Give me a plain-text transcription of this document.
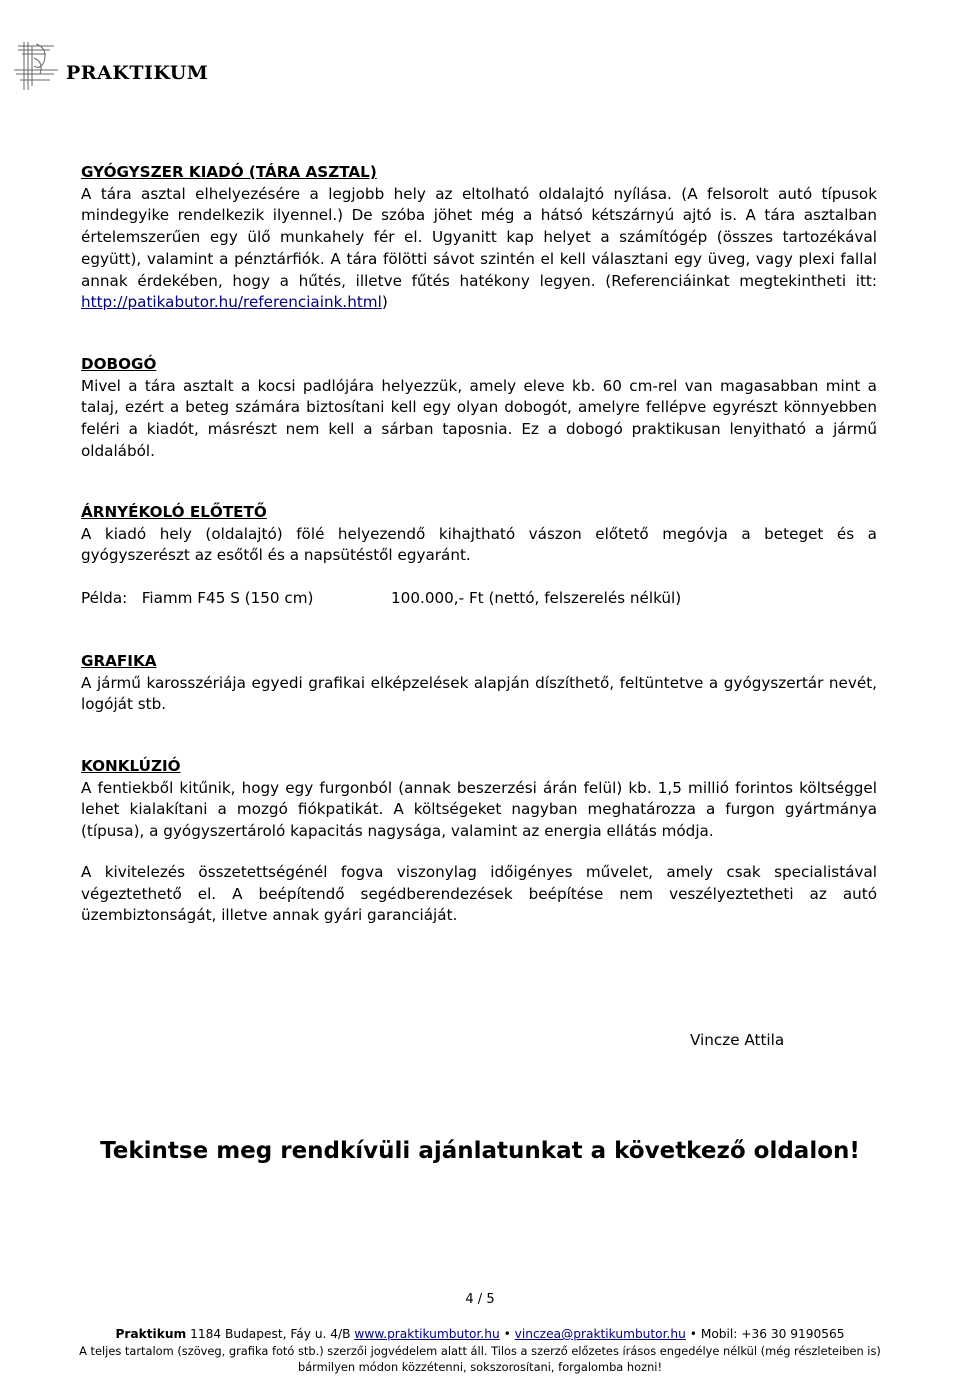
PRAKTIKUM
GYÓGYSZER KIADÓ (TÁRA ASZTAL)

A tára asztal elhelyezésére a legjobb hely az eltolható oldalajtó nyílása. (A felsorolt autó típusok mindegyike rendelkezik ilyennel.) De szóba jöhet még a hátsó kétszárnyú ajtó is. A tára asztalban értelemszerűen egy ülő munkahely fér el. Ugyanitt kap helyet a számítógép (összes tartozékával együtt), valamint a pénztárfiók. A tára fölötti sávot szintén el kell választani egy üveg, vagy plexi fallal annak érdekében, hogy a hűtés, illetve fűtés hatékony legyen. (Referenciáinkat megtekintheti itt: http://patikabutor.hu/referenciaink.html)

DOBOGÓ

Mivel a tára asztalt a kocsi padlójára helyezzük, amely eleve kb. 60 cm-rel van magasabban mint a talaj, ezért a beteg számára biztosítani kell egy olyan dobogót, amelyre fellépve egyrészt könnyebben feléri a kiadót, másrészt nem kell a sárban taposnia. Ez a dobogó praktikusan lenyitható a jármű oldalából.

ÁRNYÉKOLÓ ELŐTETŐ

A kiadó hely (oldalajtó) fölé helyezendő kihajtható vászon előtető megóvja a beteget és a gyógyszerészt az esőtől és a napsütéstől egyaránt.

Példa:   Fiamm F45 S (150 cm)	100.000,- Ft (nettó, felszerelés nélkül)
GRAFIKA

A jármű karosszériája egyedi grafikai elképzelések alapján díszíthető, feltüntetve a gyógyszertár nevét, logóját stb.

KONKLÚZIÓ

A fentiekből kitűnik, hogy egy furgonból (annak beszerzési árán felül) kb. 1,5 millió forintos költséggel lehet kialakítani a mozgó fiókpatikát. A költségeket nagyban meghatározza a furgon gyártmánya (típusa), a gyógyszertároló kapacitás nagysága, valamint az energia ellátás módja.

A kivitelezés összetettségénél fogva viszonylag időigényes művelet, amely csak specialistával végeztethető el. A beépítendő segédberendezések beépítése nem veszélyeztetheti az autó üzembiztonságát, illetve annak gyári garanciáját.

Vincze Attila
Tekintse meg rendkívüli ajánlatunkat a következő oldalon!
4 / 5
Praktikum 1184 Budapest, Fáy u. 4/B www.praktikumbutor.hu • vinczea@praktikumbutor.hu • Mobil: +36 30 9190565
A teljes tartalom (szöveg, grafika fotó stb.) szerzői jogvédelem alatt áll. Tilos a szerző előzetes írásos engedélye nélkül (még részleteiben is)
bármilyen módon közzétenni, sokszorosítani, forgalomba hozni!
